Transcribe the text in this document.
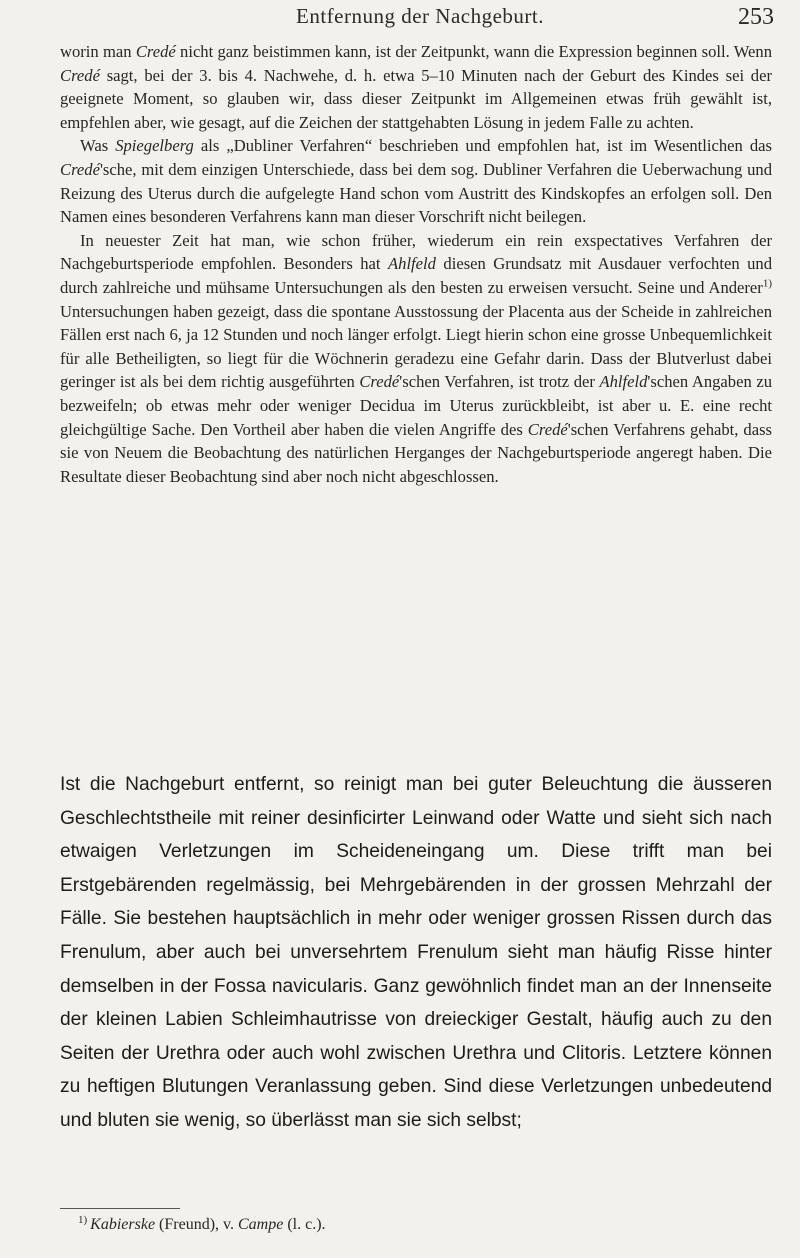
Entfernung der Nachgeburt.	253

worin man Credé nicht ganz beistimmen kann, ist der Zeitpunkt, wann die Expression beginnen soll. Wenn Credé sagt, bei der 3. bis 4. Nachwehe, d. h. etwa 5–10 Minuten nach der Geburt des Kindes sei der geeignete Moment, so glauben wir, dass dieser Zeitpunkt im Allgemeinen etwas früh gewählt ist, empfehlen aber, wie gesagt, auf die Zeichen der stattgehabten Lösung in jedem Falle zu achten.

Was Spiegelberg als „Dubliner Verfahren“ beschrieben und empfohlen hat, ist im Wesentlichen das Credé'sche, mit dem einzigen Unterschiede, dass bei dem sog. Dubliner Verfahren die Ueberwachung und Reizung des Uterus durch die aufgelegte Hand schon vom Austritt des Kindskopfes an erfolgen soll. Den Namen eines besonderen Verfahrens kann man dieser Vorschrift nicht beilegen.

In neuester Zeit hat man, wie schon früher, wiederum ein rein exspectatives Verfahren der Nachgeburtsperiode empfohlen. Besonders hat Ahlfeld diesen Grundsatz mit Ausdauer verfochten und durch zahlreiche und mühsame Untersuchungen als den besten zu erweisen versucht. Seine und Anderer$^{1)}$ Untersuchungen haben gezeigt, dass die spontane Ausstossung der Placenta aus der Scheide in zahlreichen Fällen erst nach 6, ja 12 Stunden und noch länger erfolgt. Liegt hierin schon eine grosse Unbequemlichkeit für alle Betheiligten, so liegt für die Wöchnerin geradezu eine Gefahr darin. Dass der Blutverlust dabei geringer ist als bei dem richtig ausgeführten Credé'schen Verfahren, ist trotz der Ahlfeld'schen Angaben zu bezweifeln; ob etwas mehr oder weniger Decidua im Uterus zurückbleibt, ist aber u. E. eine recht gleichgültige Sache. Den Vortheil aber haben die vielen Angriffe des Credé'schen Verfahrens gehabt, dass sie von Neuem die Beobachtung des natürlichen Herganges der Nachgeburtsperiode angeregt haben. Die Resultate dieser Beobachtung sind aber noch nicht abgeschlossen.

Ist die Nachgeburt entfernt, so reinigt man bei guter Beleuchtung die äusseren Geschlechtstheile mit reiner desinficirter Leinwand oder Watte und sieht sich nach etwaigen Verletzungen im Scheideneingang um. Diese trifft man bei Erstgebärenden regelmässig, bei Mehrgebärenden in der grossen Mehrzahl der Fälle. Sie bestehen hauptsächlich in mehr oder weniger grossen Rissen durch das Frenulum, aber auch bei unversehrtem Frenulum sieht man häufig Risse hinter demselben in der Fossa navicularis. Ganz gewöhnlich findet man an der Innenseite der kleinen Labien Schleimhautrisse von dreieckiger Gestalt, häufig auch zu den Seiten der Urethra oder auch wohl zwischen Urethra und Clitoris. Letztere können zu heftigen Blutungen Veranlassung geben. Sind diese Verletzungen unbedeutend und bluten sie wenig, so überlässt man sie sich selbst;

$^{1)}$ Kabierske (Freund), v. Campe (l. c.).
